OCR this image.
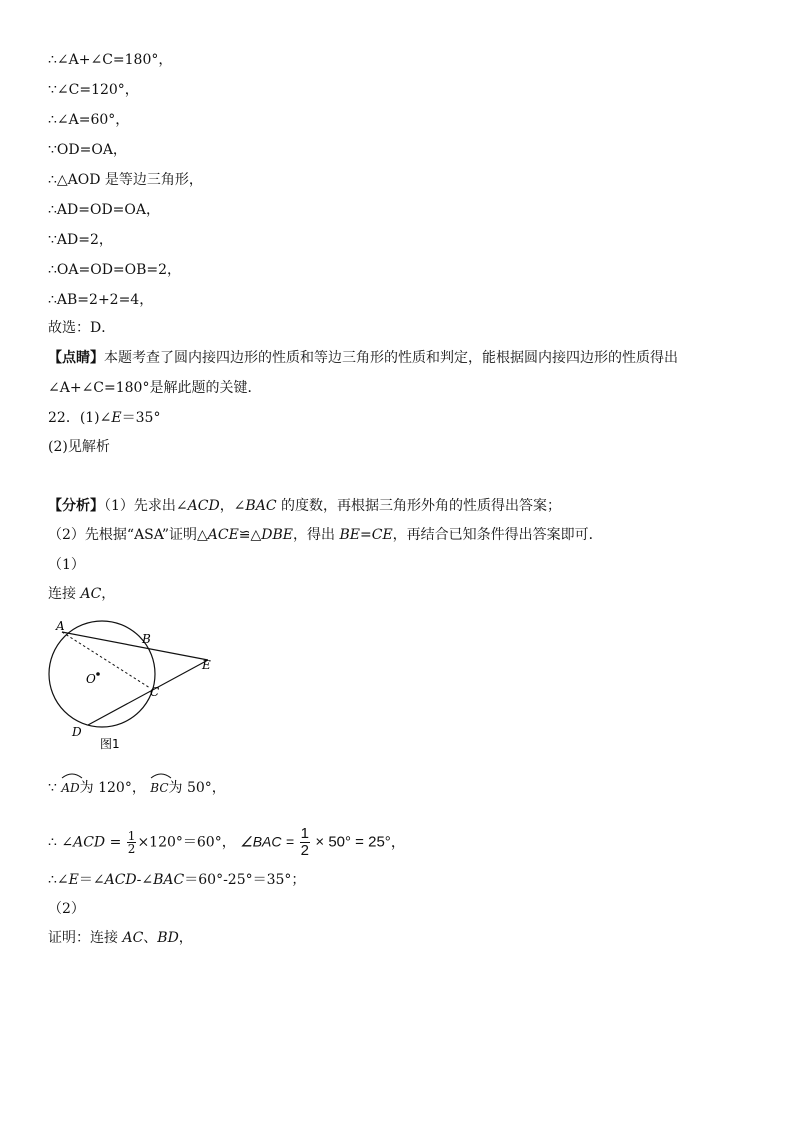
∴∠A+∠C=180°，
∵∠C=120°，
∴∠A=60°，
∵OD=OA，
∴△AOD 是等边三角形，
∴AD=OD=OA，
∵AD=2，
∴OA=OD=OB=2，
∴AB=2+2=4，
故选：D．
【点睛】本题考查了圆内接四边形的性质和等边三角形的性质和判定，能根据圆内接四边形的性质得出
∠A+∠C=180°是解此题的关键．
22．(1)∠E＝35°
(2)见解析
【分析】（1）先求出∠ACD，∠BAC 的度数，再根据三角形外角的性质得出答案；
（2）先根据“ASA”证明△ACE≌△DBE，得出 BE=CE，再结合已知条件得出答案即可．
（1）
连接 AC，
A
B
E
O
C
D
图1
∵ AD为 120°， BC为 50°，
∴ ∠ACD = $\frac{1}{2} \times 120^\circ=60^\circ$， ∠BAC = $\frac{1}{2} \times 50^\circ = 25^\circ$，
∴∠E＝∠ACD-∠BAC＝60°-25°＝35°；
（2）
证明：连接 AC、BD，
